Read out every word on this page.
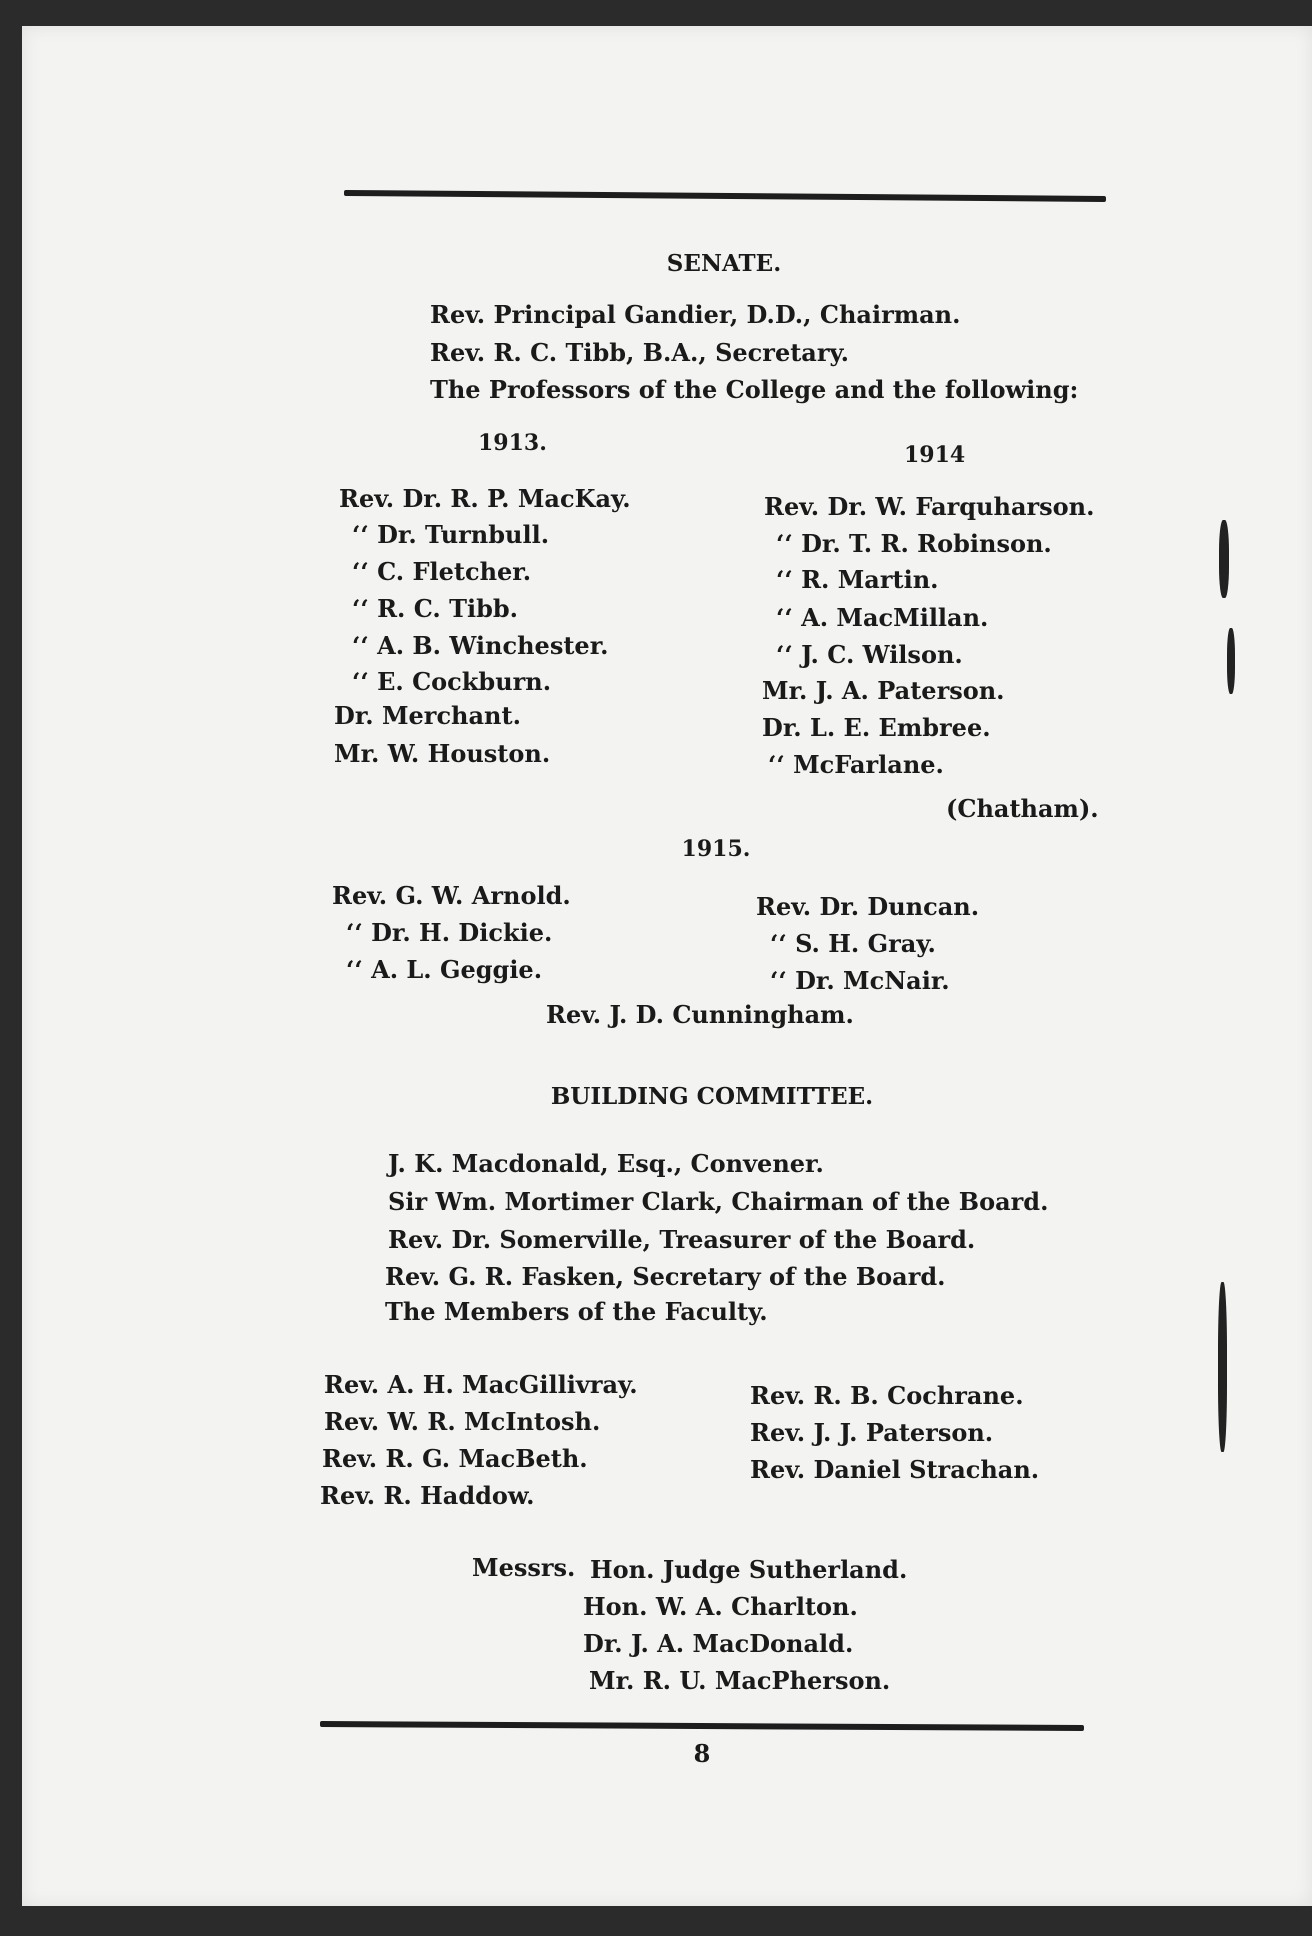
SENATE.
Rev. Principal Gandier, D.D., Chairman.
Rev. R. C. Tibb, B.A., Secretary.
The Professors of the College and the following:
1913.	1914
Rev. Dr. R. P. MacKay.
‘‘ Dr. Turnbull.
‘‘ C. Fletcher.
‘‘ R. C. Tibb.
‘‘ A. B. Winchester.
‘‘ E. Cockburn.
Dr. Merchant.
Mr. W. Houston.
Rev. Dr. W. Farquharson.
‘‘ Dr. T. R. Robinson.
‘‘ R. Martin.
‘‘ A. MacMillan.
‘‘ J. C. Wilson.
Mr. J. A. Paterson.
Dr. L. E. Embree.
‘‘ McFarlane.
(Chatham).
1915.
Rev. G. W. Arnold.
‘‘ Dr. H. Dickie.
‘‘ A. L. Geggie.
Rev. Dr. Duncan.
‘‘ S. H. Gray.
‘‘ Dr. McNair.
Rev. J. D. Cunningham.
BUILDING COMMITTEE.
J. K. Macdonald, Esq., Convener.
Sir Wm. Mortimer Clark, Chairman of the Board.
Rev. Dr. Somerville, Treasurer of the Board.
Rev. G. R. Fasken, Secretary of the Board.
The Members of the Faculty.
Rev. A. H. MacGillivray.
Rev. W. R. McIntosh.
Rev. R. G. MacBeth.
Rev. R. Haddow.
Rev. R. B. Cochrane.
Rev. J. J. Paterson.
Rev. Daniel Strachan.
Messrs. Hon. Judge Sutherland.
Hon. W. A. Charlton.
Dr. J. A. MacDonald.
Mr. R. U. MacPherson.
8
